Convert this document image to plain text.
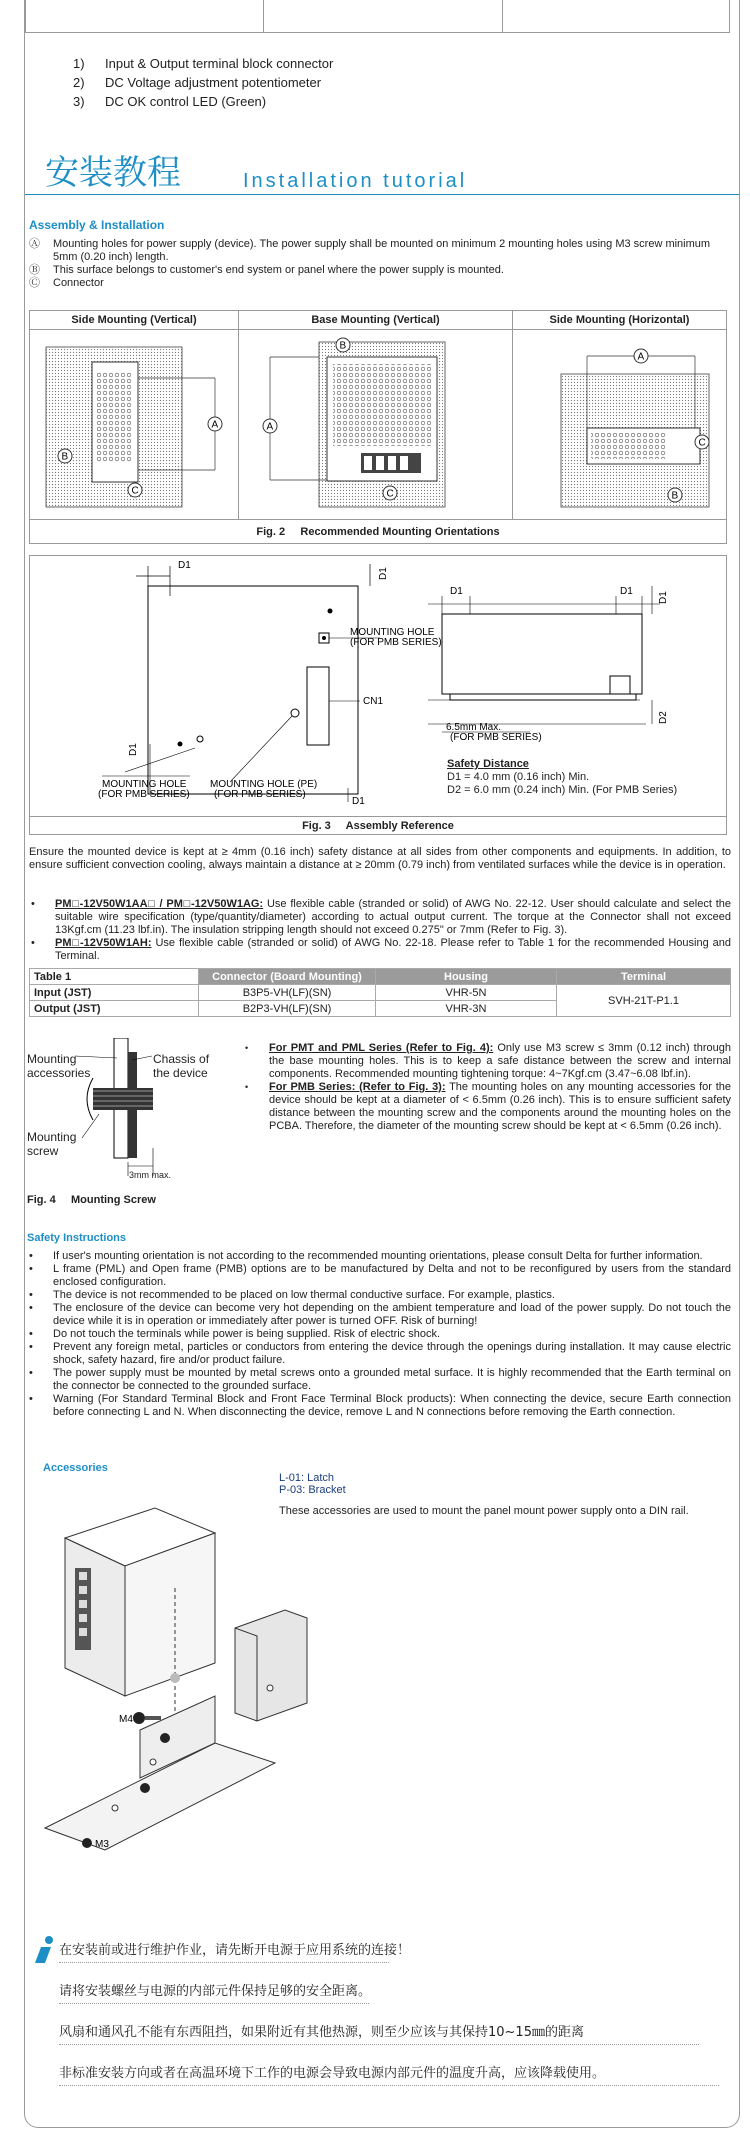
1) Input & Output terminal block connector
2) DC Voltage adjustment potentiometer
3) DC OK control LED (Green)
安装教程	Installation tutorial
Assembly & Installation
Ⓐ	Mounting holes for power supply (device). The power supply shall be mounted on minimum 2 mounting holes using M3 screw minimum 5mm (0.20 inch) length.
Ⓑ	This surface belongs to customer's end system or panel where the power supply is mounted.
Ⓒ	Connector
Side Mounting (Vertical)	Base Mounting (Vertical)	Side Mounting (Horizontal)
Fig. 2     Recommended Mounting Orientations
A
B
C
A
B
C
A
C
B
Fig. 3     Assembly Reference
D1
D1
MOUNTING HOLE
(FOR PMB SERIES)
CN1
D1
D1
MOUNTING HOLE
(FOR PMB SERIES)
MOUNTING HOLE (PE)
(FOR PMB SERIES)
D1	D1	D1
D2
6.5mm Max.
(FOR PMB SERIES)
Safety Distance
D1 = 4.0 mm (0.16 inch) Min.
D2 = 6.0 mm (0.24 inch) Min. (For PMB Series)
Ensure the mounted device is kept at ≥ 4mm (0.16 inch) safety distance at all sides from other components and equipments. In addition, to ensure sufficient convection cooling, always maintain a distance at ≥ 20mm (0.79 inch) from ventilated surfaces while the device is in operation.
• PM□-12V50W1AA□ / PM□-12V50W1AG: Use flexible cable (stranded or solid) of AWG No. 22-12. User should calculate and select the suitable wire specification (type/quantity/diameter) according to actual output current. The torque at the Connector shall not exceed 13Kgf.cm (11.23 lbf.in). The insulation stripping length should not exceed 0.275" or 7mm (Refer to Fig. 3).
• PM□-12V50W1AH: Use flexible cable (stranded or solid) of AWG No. 22-18. Please refer to Table 1 for the recommended Housing and Terminal.
Table 1	Connector (Board Mounting)	Housing	Terminal
Input (JST)	B3P5-VH(LF)(SN)	VHR-5N	SVH-21T-P1.1
Output (JST)	B2P3-VH(LF)(SN)	VHR-3N	
Mounting
accessories
Chassis of
the device
Mounting
screw
3mm max.
Fig. 4     Mounting Screw
• For PMT and PML Series (Refer to Fig. 4): Only use M3 screw ≤ 3mm (0.12 inch) through the base mounting holes. This is to keep a safe distance between the screw and internal components. Recommended mounting tightening torque: 4~7Kgf.cm (3.47~6.08 lbf.in).
• For PMB Series: (Refer to Fig. 3): The mounting holes on any mounting accessories for the device should be kept at a diameter of < 6.5mm (0.26 inch). This is to ensure sufficient safety distance between the mounting screw and the components around the mounting holes on the PCBA. Therefore, the diameter of the mounting screw should be kept at < 6.5mm (0.26 inch).
Safety Instructions
• If user's mounting orientation is not according to the recommended mounting orientations, please consult Delta for further information.
• L frame (PML) and Open frame (PMB) options are to be manufactured by Delta and not to be reconfigured by users from the standard enclosed configuration.
• The device is not recommended to be placed on low thermal conductive surface. For example, plastics.
• The enclosure of the device can become very hot depending on the ambient temperature and load of the power supply. Do not touch the device while it is in operation or immediately after power is turned OFF. Risk of burning!
• Do not touch the terminals while power is being supplied. Risk of electric shock.
• Prevent any foreign metal, particles or conductors from entering the device through the openings during installation. It may cause electric shock, safety hazard, fire and/or product failure.
• The power supply must be mounted by metal screws onto a grounded metal surface. It is highly recommended that the Earth terminal on the connector be connected to the grounded surface.
• Warning (For Standard Terminal Block and Front Face Terminal Block products): When connecting the device, secure Earth connection before connecting L and N. When disconnecting the device, remove L and N connections before removing the Earth connection.
Accessories
L-01: Latch
P-03: Bracket
These accessories are used to mount the panel mount power supply onto a DIN rail.
M4
M3
在安装前或进行维护作业，请先断开电源于应用系统的连接！
请将安装螺丝与电源的内部元件保持足够的安全距离。
风扇和通风孔不能有东西阻挡，如果附近有其他热源，则至少应该与其保持10~15㎜的距离
非标准安装方向或者在高温环境下工作的电源会导致电源内部元件的温度升高，应该降载使用。
